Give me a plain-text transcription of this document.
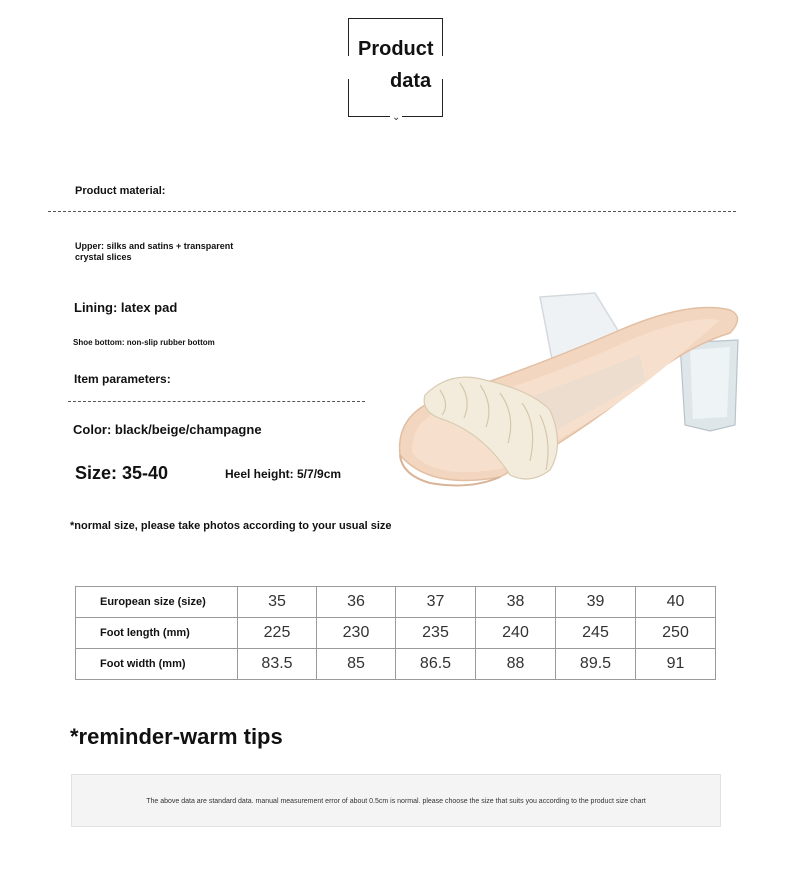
Product
data
⌄
Product material:
Upper: silks and satins + transparent crystal slices
Lining: latex pad
Shoe bottom: non-slip rubber bottom
Item parameters:
Color: black/beige/champagne
Size: 35-40	Heel height: 5/7/9cm
*normal size, please take photos according to your usual size
European size (size)	35	36	37	38	39	40
Foot length (mm)	225	230	235	240	245	250
Foot width (mm)	83.5	85	86.5	88	89.5	91
*reminder-warm tips
The above data are standard data. manual measurement error of about 0.5cm is normal. please choose the size that suits you according to the product size chart
